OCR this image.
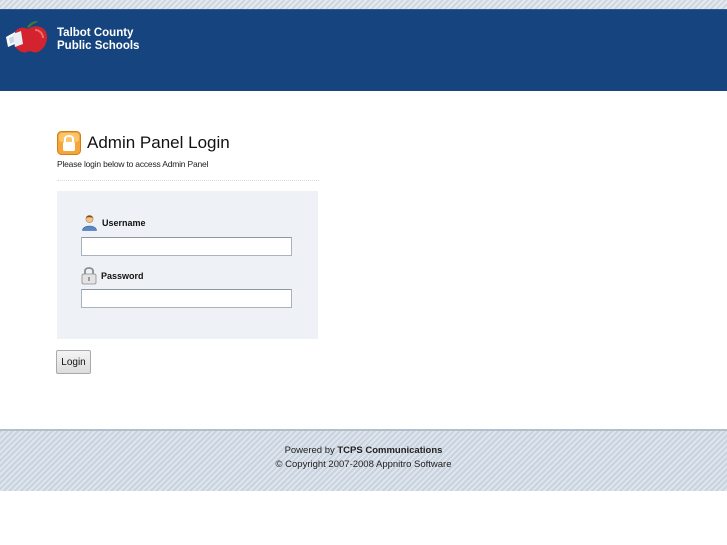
Talbot County
Public Schools
Admin Panel Login
Please login below to access Admin Panel
Username
Password
Login
Powered by TCPS Communications
© Copyright 2007-2008 Appnitro Software
